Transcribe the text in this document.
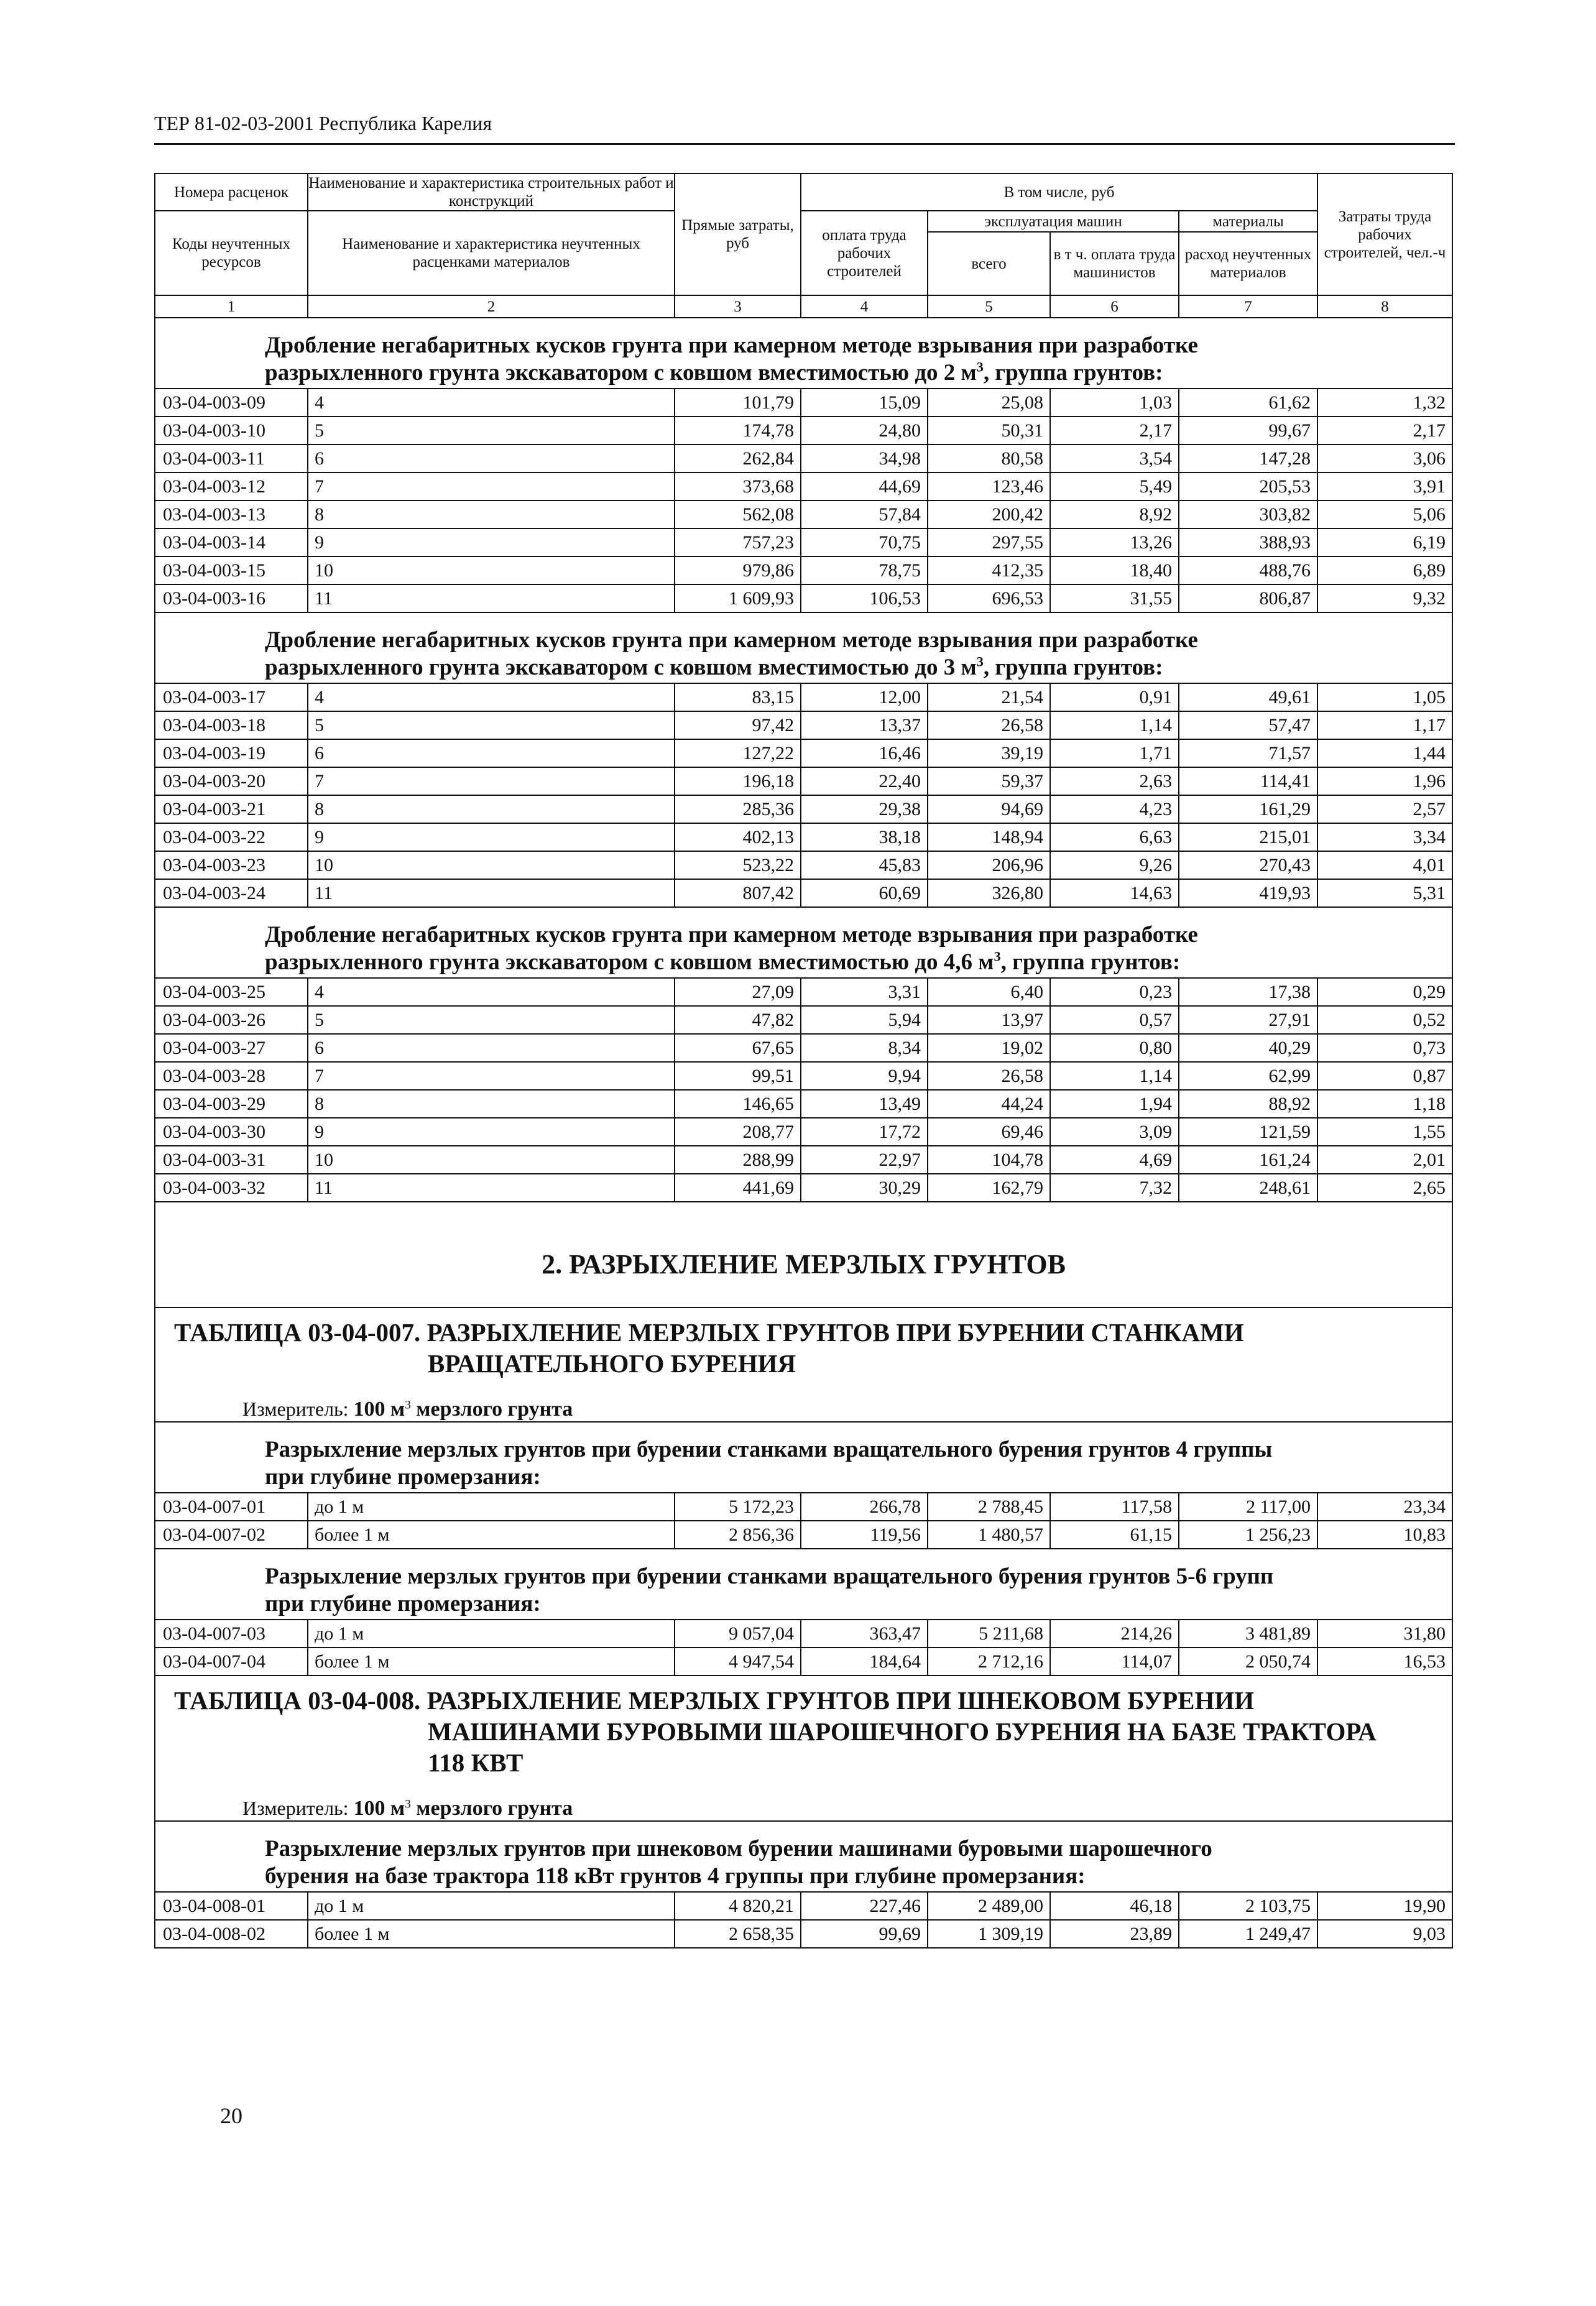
ТЕР 81-02-03-2001 Республика Карелия
Номера расценок	Наименование и характеристика строительных работ и конструкций	Прямые затраты, руб	В том числе, руб				Затраты труда рабочих строителей, чел.-ч
Коды неучтенных ресурсов	Наименование и характеристика неучтенных расценками материалов		оплата труда рабочих строителей	эксплуатация машин		материалы	
				всего	в т ч. оплата труда машинистов	расход неучтенных материалов	
1	2	3	4	5	6	7	8

Дробление негабаритных кусков грунта при камерном методе взрывания при разработке
разрыхленного грунта экскаватором с ковшом вместимостью до 2 $м^3$, группа грунтов:							

03-04-003-09	4	101,79	15,09	25,08	1,03	61,62	1,32
03-04-003-10	5	174,78	24,80	50,31	2,17	99,67	2,17
03-04-003-11	6	262,84	34,98	80,58	3,54	147,28	3,06
03-04-003-12	7	373,68	44,69	123,46	5,49	205,53	3,91
03-04-003-13	8	562,08	57,84	200,42	8,92	303,82	5,06
03-04-003-14	9	757,23	70,75	297,55	13,26	388,93	6,19
03-04-003-15	10	979,86	78,75	412,35	18,40	488,76	6,89
03-04-003-16	11	1 609,93	106,53	696,53	31,55	806,87	9,32

Дробление негабаритных кусков грунта при камерном методе взрывания при разработке
разрыхленного грунта экскаватором с ковшом вместимостью до 3 $м^3$, группа грунтов:							

03-04-003-17	4	83,15	12,00	21,54	0,91	49,61	1,05
03-04-003-18	5	97,42	13,37	26,58	1,14	57,47	1,17
03-04-003-19	6	127,22	16,46	39,19	1,71	71,57	1,44
03-04-003-20	7	196,18	22,40	59,37	2,63	114,41	1,96
03-04-003-21	8	285,36	29,38	94,69	4,23	161,29	2,57
03-04-003-22	9	402,13	38,18	148,94	6,63	215,01	3,34
03-04-003-23	10	523,22	45,83	206,96	9,26	270,43	4,01
03-04-003-24	11	807,42	60,69	326,80	14,63	419,93	5,31

Дробление негабаритных кусков грунта при камерном методе взрывания при разработке
разрыхленного грунта экскаватором с ковшом вместимостью до 4,6 $м^3$, группа грунтов:							

03-04-003-25	4	27,09	3,31	6,40	0,23	17,38	0,29
03-04-003-26	5	47,82	5,94	13,97	0,57	27,91	0,52
03-04-003-27	6	67,65	8,34	19,02	0,80	40,29	0,73
03-04-003-28	7	99,51	9,94	26,58	1,14	62,99	0,87
03-04-003-29	8	146,65	13,49	44,24	1,94	88,92	1,18
03-04-003-30	9	208,77	17,72	69,46	3,09	121,59	1,55
03-04-003-31	10	288,99	22,97	104,78	4,69	161,24	2,01
03-04-003-32	11	441,69	30,29	162,79	7,32	248,61	2,65
2. РАЗРЫХЛЕНИЕ МЕРЗЛЫХ ГРУНТОВ							

ТАБЛИЦА 03-04-007. РАЗРЫХЛЕНИЕ МЕРЗЛЫХ ГРУНТОВ ПРИ БУРЕНИИ СТАНКАМИ
ВРАЩАТЕЛЬНОГО БУРЕНИЯ							

Измеритель: 100 $м^3$ мерзлого грунта							

Разрыхление мерзлых грунтов при бурении станками вращательного бурения грунтов 4 группы
при глубине промерзания:							

03-04-007-01	до 1 м	5 172,23	266,78	2 788,45	117,58	2 117,00	23,34
03-04-007-02	более 1 м	2 856,36	119,56	1 480,57	61,15	1 256,23	10,83

Разрыхление мерзлых грунтов при бурении станками вращательного бурения грунтов 5-6 групп
при глубине промерзания:							

03-04-007-03	до 1 м	9 057,04	363,47	5 211,68	214,26	3 481,89	31,80
03-04-007-04	более 1 м	4 947,54	184,64	2 712,16	114,07	2 050,74	16,53

ТАБЛИЦА 03-04-008. РАЗРЫХЛЕНИЕ МЕРЗЛЫХ ГРУНТОВ ПРИ ШНЕКОВОМ БУРЕНИИ
МАШИНАМИ БУРОВЫМИ ШАРОШЕЧНОГО БУРЕНИЯ НА БАЗЕ ТРАКТОРА
118 КВТ							

Измеритель: 100 $м^3$ мерзлого грунта							

Разрыхление мерзлых грунтов при шнековом бурении машинами буровыми шарошечного
бурения на базе трактора 118 кВт грунтов 4 группы при глубине промерзания:							

03-04-008-01	до 1 м	4 820,21	227,46	2 489,00	46,18	2 103,75	19,90
03-04-008-02	более 1 м	2 658,35	99,69	1 309,19	23,89	1 249,47	9,03
20
